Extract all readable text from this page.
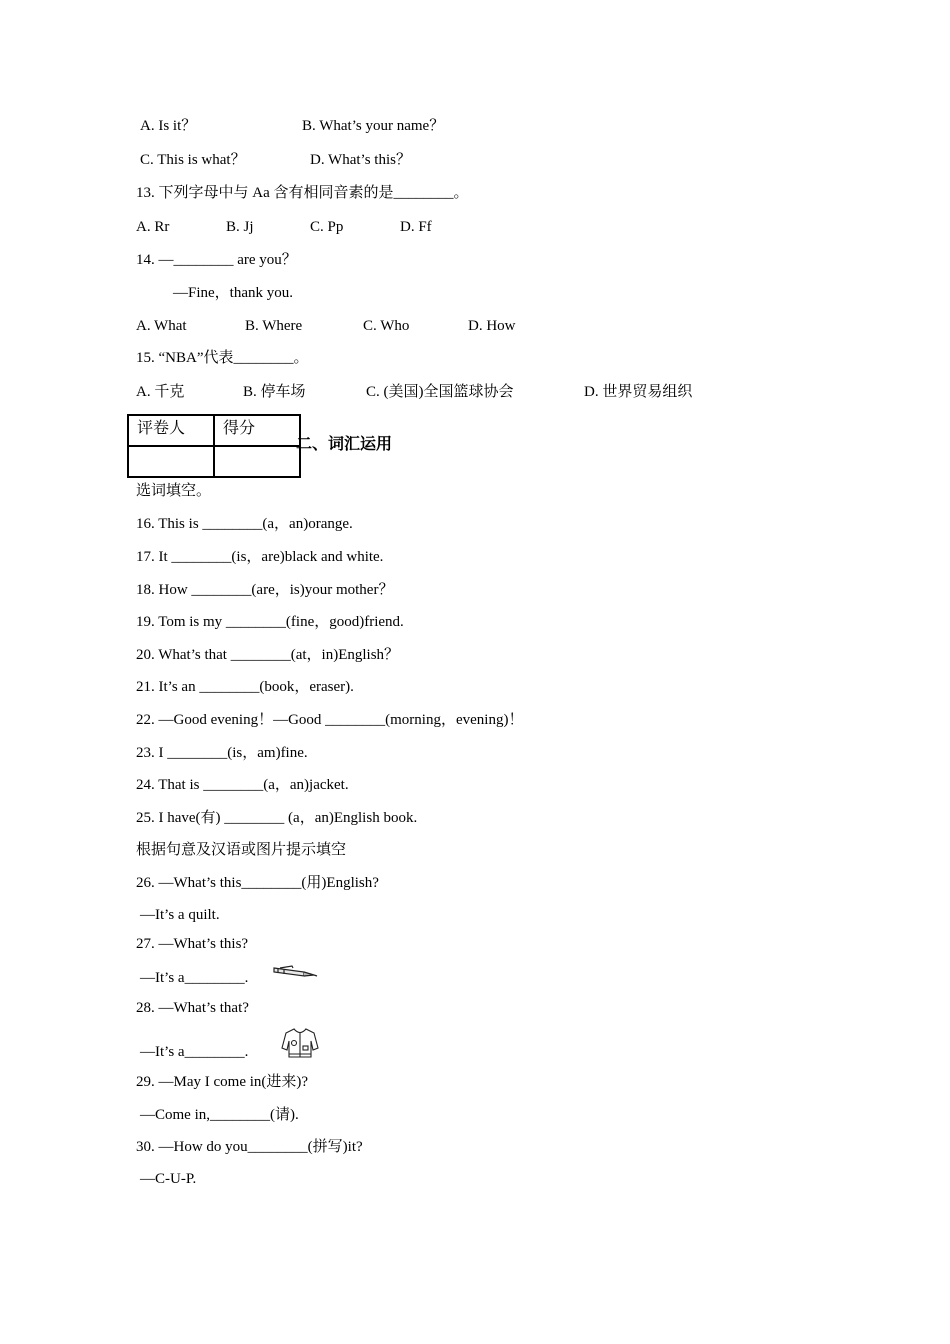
A. Is it？	B. What’s your name？
C. This is what？	D. What’s this？
13. 下列字母中与 Aa 含有相同音素的是________。
A. Rr	B. Jj	C. Pp	D. Ff
14. —________ are you？
—Fine，thank you.
A. What	B. Where	C. Who	D. How
15. “NBA”代表________。
A. 千克	B. 停车场	C. (美国)全国篮球协会	D. 世界贸易组织
评卷人	得分

二、词汇运用
选词填空。
16. This is ________(a，an)orange.
17. It ________(is，are)black and white.
18. How ________(are，is)your mother？
19. Tom is my ________(fine，good)friend.
20. What’s that ________(at，in)English？
21. It’s an ________(book，eraser).
22. —Good evening！—Good ________(morning，evening)！
23. I ________(is，am)fine.
24. That is ________(a，an)jacket.
25. I have(有) ________ (a，an)English book.
根据句意及汉语或图片提示填空
26. —What’s this________(用)English?
—It’s a quilt.
27. —What’s this?
—It’s a________.
28. —What’s that?
—It’s a________.
29. —May I come in(进来)?
—Come in,________(请).
30. —How do you________(拼写)it?
—C-U-P.
